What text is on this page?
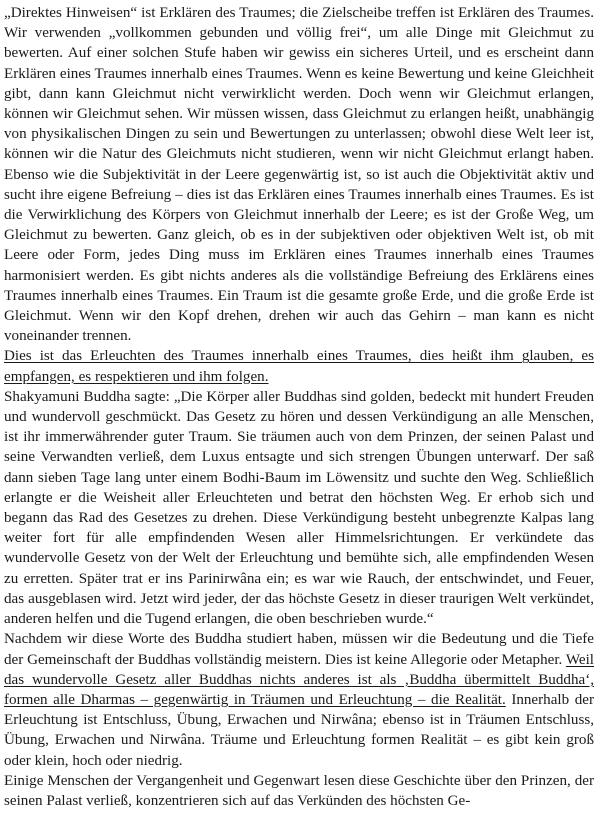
„Direktes Hinweisen“ ist Erklären des Traumes; die Zielscheibe treffen ist Erklären des Traumes. Wir verwenden „vollkommen gebunden und völlig frei“, um alle Dinge mit Gleichmut zu bewerten. Auf einer solchen Stufe haben wir gewiss ein sicheres Urteil, und es erscheint dann Erklären eines Traumes innerhalb eines Traumes. Wenn es keine Bewertung und keine Gleichheit gibt, dann kann Gleichmut nicht verwirklicht werden. Doch wenn wir Gleichmut erlangen, können wir Gleichmut sehen. Wir müssen wissen, dass Gleichmut zu erlangen heißt, unabhängig von physikalischen Dingen zu sein und Bewertungen zu unterlassen; obwohl diese Welt leer ist, können wir die Natur des Gleichmuts nicht studieren, wenn wir nicht Gleichmut erlangt haben. Ebenso wie die Subjektivität in der Leere gegenwärtig ist, so ist auch die Objektivität aktiv und sucht ihre eigene Befreiung – dies ist das Erklären eines Traumes innerhalb eines Traumes. Es ist die Verwirklichung des Körpers von Gleichmut innerhalb der Leere; es ist der Große Weg, um Gleichmut zu bewerten. Ganz gleich, ob es in der subjektiven oder objektiven Welt ist, ob mit Leere oder Form, jedes Ding muss im Erklären eines Traumes innerhalb eines Traumes harmonisiert werden. Es gibt nichts anderes als die vollständige Befreiung des Erklärens eines Traumes innerhalb eines Traumes. Ein Traum ist die gesamte große Erde, und die große Erde ist Gleichmut. Wenn wir den Kopf drehen, drehen wir auch das Gehirn – man kann es nicht voneinander trennen.

Dies ist das Erleuchten des Traumes innerhalb eines Traumes, dies heißt ihm glauben, es empfangen, es respektieren und ihm folgen.

Shakyamuni Buddha sagte: „Die Körper aller Buddhas sind golden, bedeckt mit hundert Freuden und wundervoll geschmückt. Das Gesetz zu hören und dessen Verkündigung an alle Menschen, ist ihr immerwährender guter Traum. Sie träumen auch von dem Prinzen, der seinen Palast und seine Verwandten verließ, dem Luxus entsagte und sich strengen Übungen unterwarf. Der saß dann sieben Tage lang unter einem Bodhi-Baum im Löwensitz und suchte den Weg. Schließlich erlangte er die Weisheit aller Erleuchteten und betrat den höchsten Weg. Er erhob sich und begann das Rad des Gesetzes zu drehen. Diese Verkündigung besteht unbegrenzte Kalpas lang weiter fort für alle empfindenden Wesen aller Himmelsrichtungen. Er verkündete das wundervolle Gesetz von der Welt der Erleuchtung und bemühte sich, alle empfindenden Wesen zu erretten. Später trat er ins Parinirwâna ein; es war wie Rauch, der entschwindet, und Feuer, das ausgeblasen wird. Jetzt wird jeder, der das höchste Gesetz in dieser traurigen Welt verkündet, anderen helfen und die Tugend erlangen, die oben beschrieben wurde.“

Nachdem wir diese Worte des Buddha studiert haben, müssen wir die Bedeutung und die Tiefe der Gemeinschaft der Buddhas vollständig meistern. Dies ist keine Allegorie oder Metapher. Weil das wundervolle Gesetz aller Buddhas nichts anderes ist als ‚Buddha übermittelt Buddha‘, formen alle Dharmas – gegenwärtig in Träumen und Erleuchtung – die Realität. Innerhalb der Erleuchtung ist Entschluss, Übung, Erwachen und Nirwâna; ebenso ist in Träumen Entschluss, Übung, Erwachen und Nirwâna. Träume und Erleuchtung formen Realität – es gibt kein groß oder klein, hoch oder niedrig.

Einige Menschen der Vergangenheit und Gegenwart lesen diese Geschichte über den Prinzen, der seinen Palast verließ, konzentrieren sich auf das Verkünden des höchsten Ge-
